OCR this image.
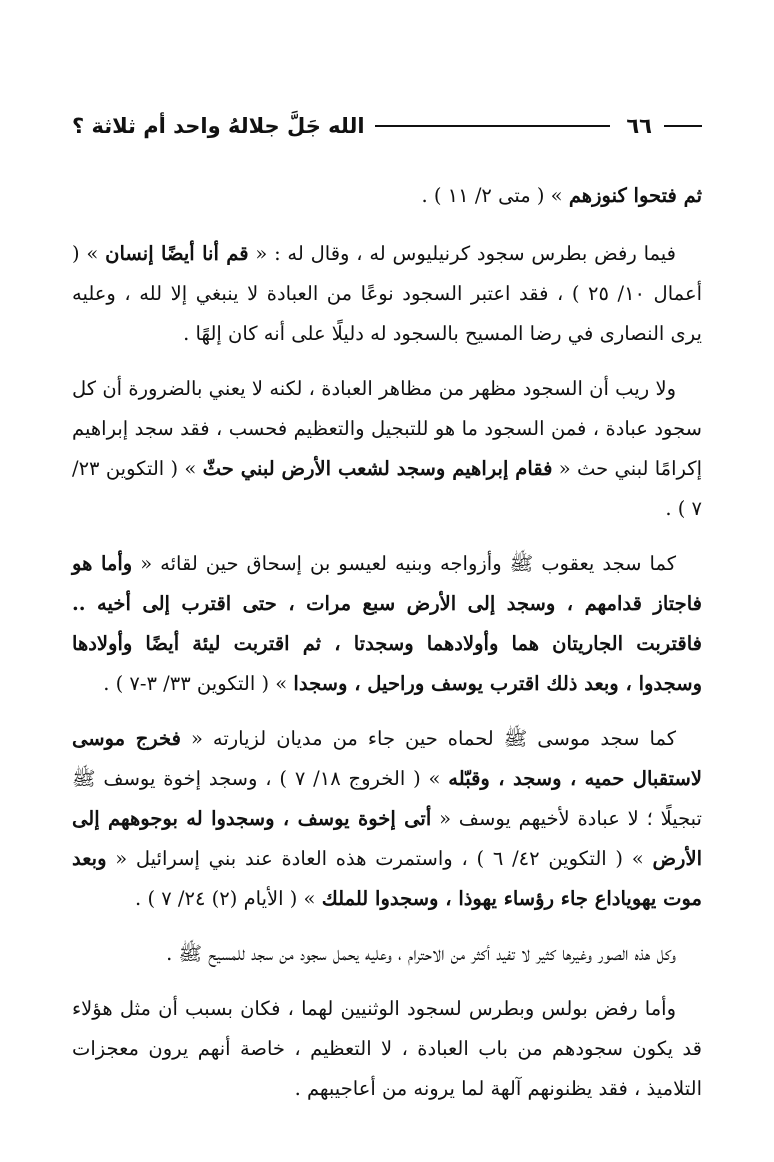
٦٦
الله جَلَّ جلالهُ واحد أم ثلاثة ؟

ثم فتحوا كنوزهم » ( متى ٢/ ١١ ) .

فيما رفض بطرس سجود كرنيليوس له ، وقال له : « قم أنا أيضًا إنسان » ( أعمال ١٠/ ٢٥ ) ، فقد اعتبر السجود نوعًا من العبادة لا ينبغي إلا لله ، وعليه يرى النصارى في رضا المسيح بالسجود له دليلًا على أنه كان إلهًا .

ولا ريب أن السجود مظهر من مظاهر العبادة ، لكنه لا يعني بالضرورة أن كل سجود عبادة ، فمن السجود ما هو للتبجيل والتعظيم فحسب ، فقد سجد إبراهيم إكرامًا لبني حث « فقام إبراهيم وسجد لشعب الأرض لبني حثّ » ( التكوين ٢٣/ ٧ ) .

كما سجد يعقوب ﷺ وأزواجه وبنيه لعيسو بن إسحاق حين لقائه « وأما هو فاجتاز قدامهم ، وسجد إلى الأرض سبع مرات ، حتى اقترب إلى أخيه .. فاقتربت الجاريتان هما وأولادهما وسجدتا ، ثم اقتربت ليئة أيضًا وأولادها وسجدوا ، وبعد ذلك اقترب يوسف وراحيل ، وسجدا » ( التكوين ٣٣/ ٣-٧ ) .

كما سجد موسى ﷺ لحماه حين جاء من مديان لزيارته « فخرج موسى لاستقبال حميه ، وسجد ، وقبّله » ( الخروج ١٨/ ٧ ) ، وسجد إخوة يوسف ﷺ تبجيلًا ؛ لا عبادة لأخيهم يوسف « أتى إخوة يوسف ، وسجدوا له بوجوههم إلى الأرض » ( التكوين ٤٢/ ٦ ) ، واستمرت هذه العادة عند بني إسرائيل « وبعد موت يهوياداع جاء رؤساء يهوذا ، وسجدوا للملك » ( الأيام (٢) ٢٤/ ٧ ) .

وكل هذه الصور وغيرها كثير لا تفيد أكثر من الاحترام ، وعليه يحمل سجود من سجد للمسيح ﷺ .

وأما رفض بولس وبطرس لسجود الوثنيين لهما ، فكان بسبب أن مثل هؤلاء قد يكون سجودهم من باب العبادة ، لا التعظيم ، خاصة أنهم يرون معجزات التلاميذ ، فقد يظنونهم آلهة لما يرونه من أعاجيبهم .
